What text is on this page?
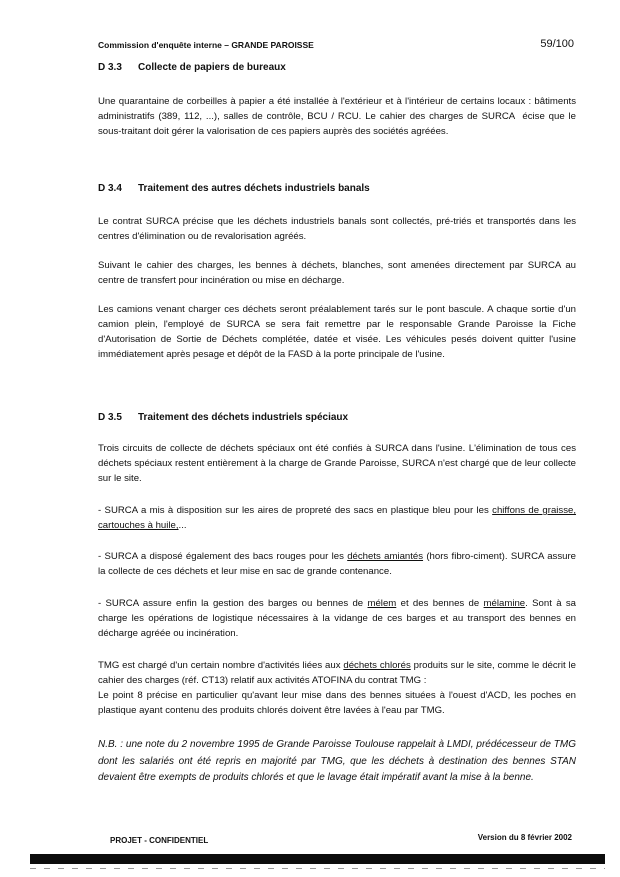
Commission d'enquête interne – GRANDE PAROISSE	59/100
D 3.3 Collecte de papiers de bureaux

Une quarantaine de corbeilles à papier a été installée à l'extérieur et à l'intérieur de certains locaux : bâtiments administratifs (389, 112, ...), salles de contrôle, BCU / RCU. Le cahier des charges de SURCA ‌ écise que le sous-traitant doit gérer la valorisation de ces papiers auprès des sociétés agréées.

D 3.4 Traitement des autres déchets industriels banals

Le contrat SURCA précise que les déchets industriels banals sont collectés, pré-triés et transportés dans les centres d'élimination ou de revalorisation agréés.

Suivant le cahier des charges, les bennes à déchets, blanches, sont amenées directement par SURCA au centre de transfert pour incinération ou mise en décharge.

Les camions venant charger ces déchets seront préalablement tarés sur le pont bascule. A chaque sortie d'un camion plein, l'employé de SURCA se sera fait remettre par le responsable Grande Paroisse la Fiche d'Autorisation de Sortie de Déchets complétée, datée et visée. Les véhicules pesés doivent quitter l'usine immédiatement après pesage et dépôt de la FASD à la porte principale de l'usine.

D 3.5 Traitement des déchets industriels spéciaux

Trois circuits de collecte de déchets spéciaux ont été confiés à SURCA dans l'usine. L'élimination de tous ces déchets spéciaux restent entièrement à la charge de Grande Paroisse, SURCA n'est chargé que de leur collecte sur le site.

- SURCA a mis à disposition sur les aires de propreté des sacs en plastique bleu pour les chiffons de graisse, cartouches à huile,...

- SURCA a disposé également des bacs rouges pour les déchets amiantés (hors fibro-ciment). SURCA assure la collecte de ces déchets et leur mise en sac de grande contenance.

- SURCA assure enfin la gestion des barges ou bennes de mélem et des bennes de mélamine. Sont à sa charge les opérations de logistique nécessaires à la vidange de ces barges et au transport des bennes en décharge agréée ou incinération.

TMG est chargé d'un certain nombre d'activités liées aux déchets chlorés produits sur le site, comme le décrit le cahier des charges (réf. CT13) relatif aux activités ATOFINA du contrat TMG :
Le point 8 précise en particulier qu'avant leur mise dans des bennes situées à l'ouest d'ACD, les poches en plastique ayant contenu des produits chlorés doivent être lavées à l'eau par TMG.

N.B. : une note du 2 novembre 1995 de Grande Paroisse Toulouse rappelait à LMDI, prédécesseur de TMG dont les salariés ont été repris en majorité par TMG, que les déchets à destination des bennes STAN devaient être exempts de produits chlorés et que le lavage était impératif avant la mise à la benne.

PROJET - CONFIDENTIEL	Version du 8 février 2002
